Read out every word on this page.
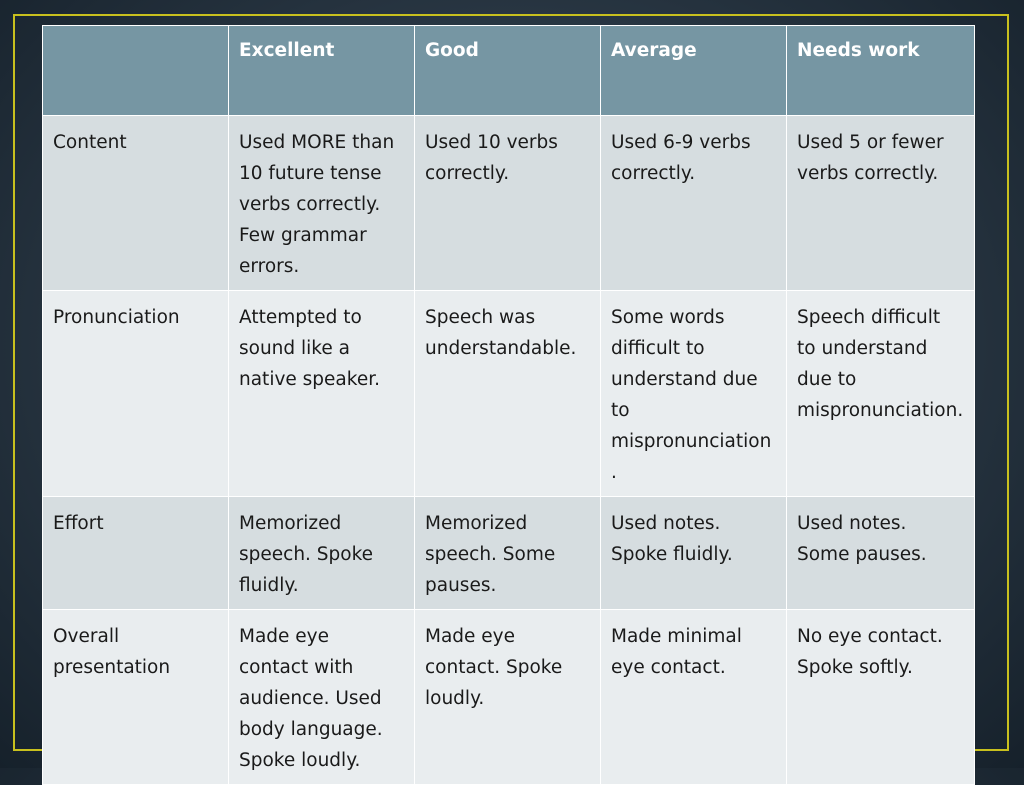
	Excellent	Good	Average	Needs work
Content	Used MORE than 10 future tense verbs correctly. Few grammar errors.	Used 10 verbs correctly.	Used 6-9 verbs correctly.	Used 5 or fewer verbs correctly.
Pronunciation	Attempted to sound like a native speaker.	Speech was understandable.	Some words difficult to understand due to mispronunciation.	Speech difficult to understand due to mispronunciation.
Effort	Memorized speech. Spoke fluidly.	Memorized speech. Some pauses.	Used notes. Spoke fluidly.	Used notes. Some pauses.
Overall presentation	Made eye contact with audience. Used body language. Spoke loudly.	Made eye contact. Spoke loudly.	Made minimal eye contact.	No eye contact. Spoke softly.
